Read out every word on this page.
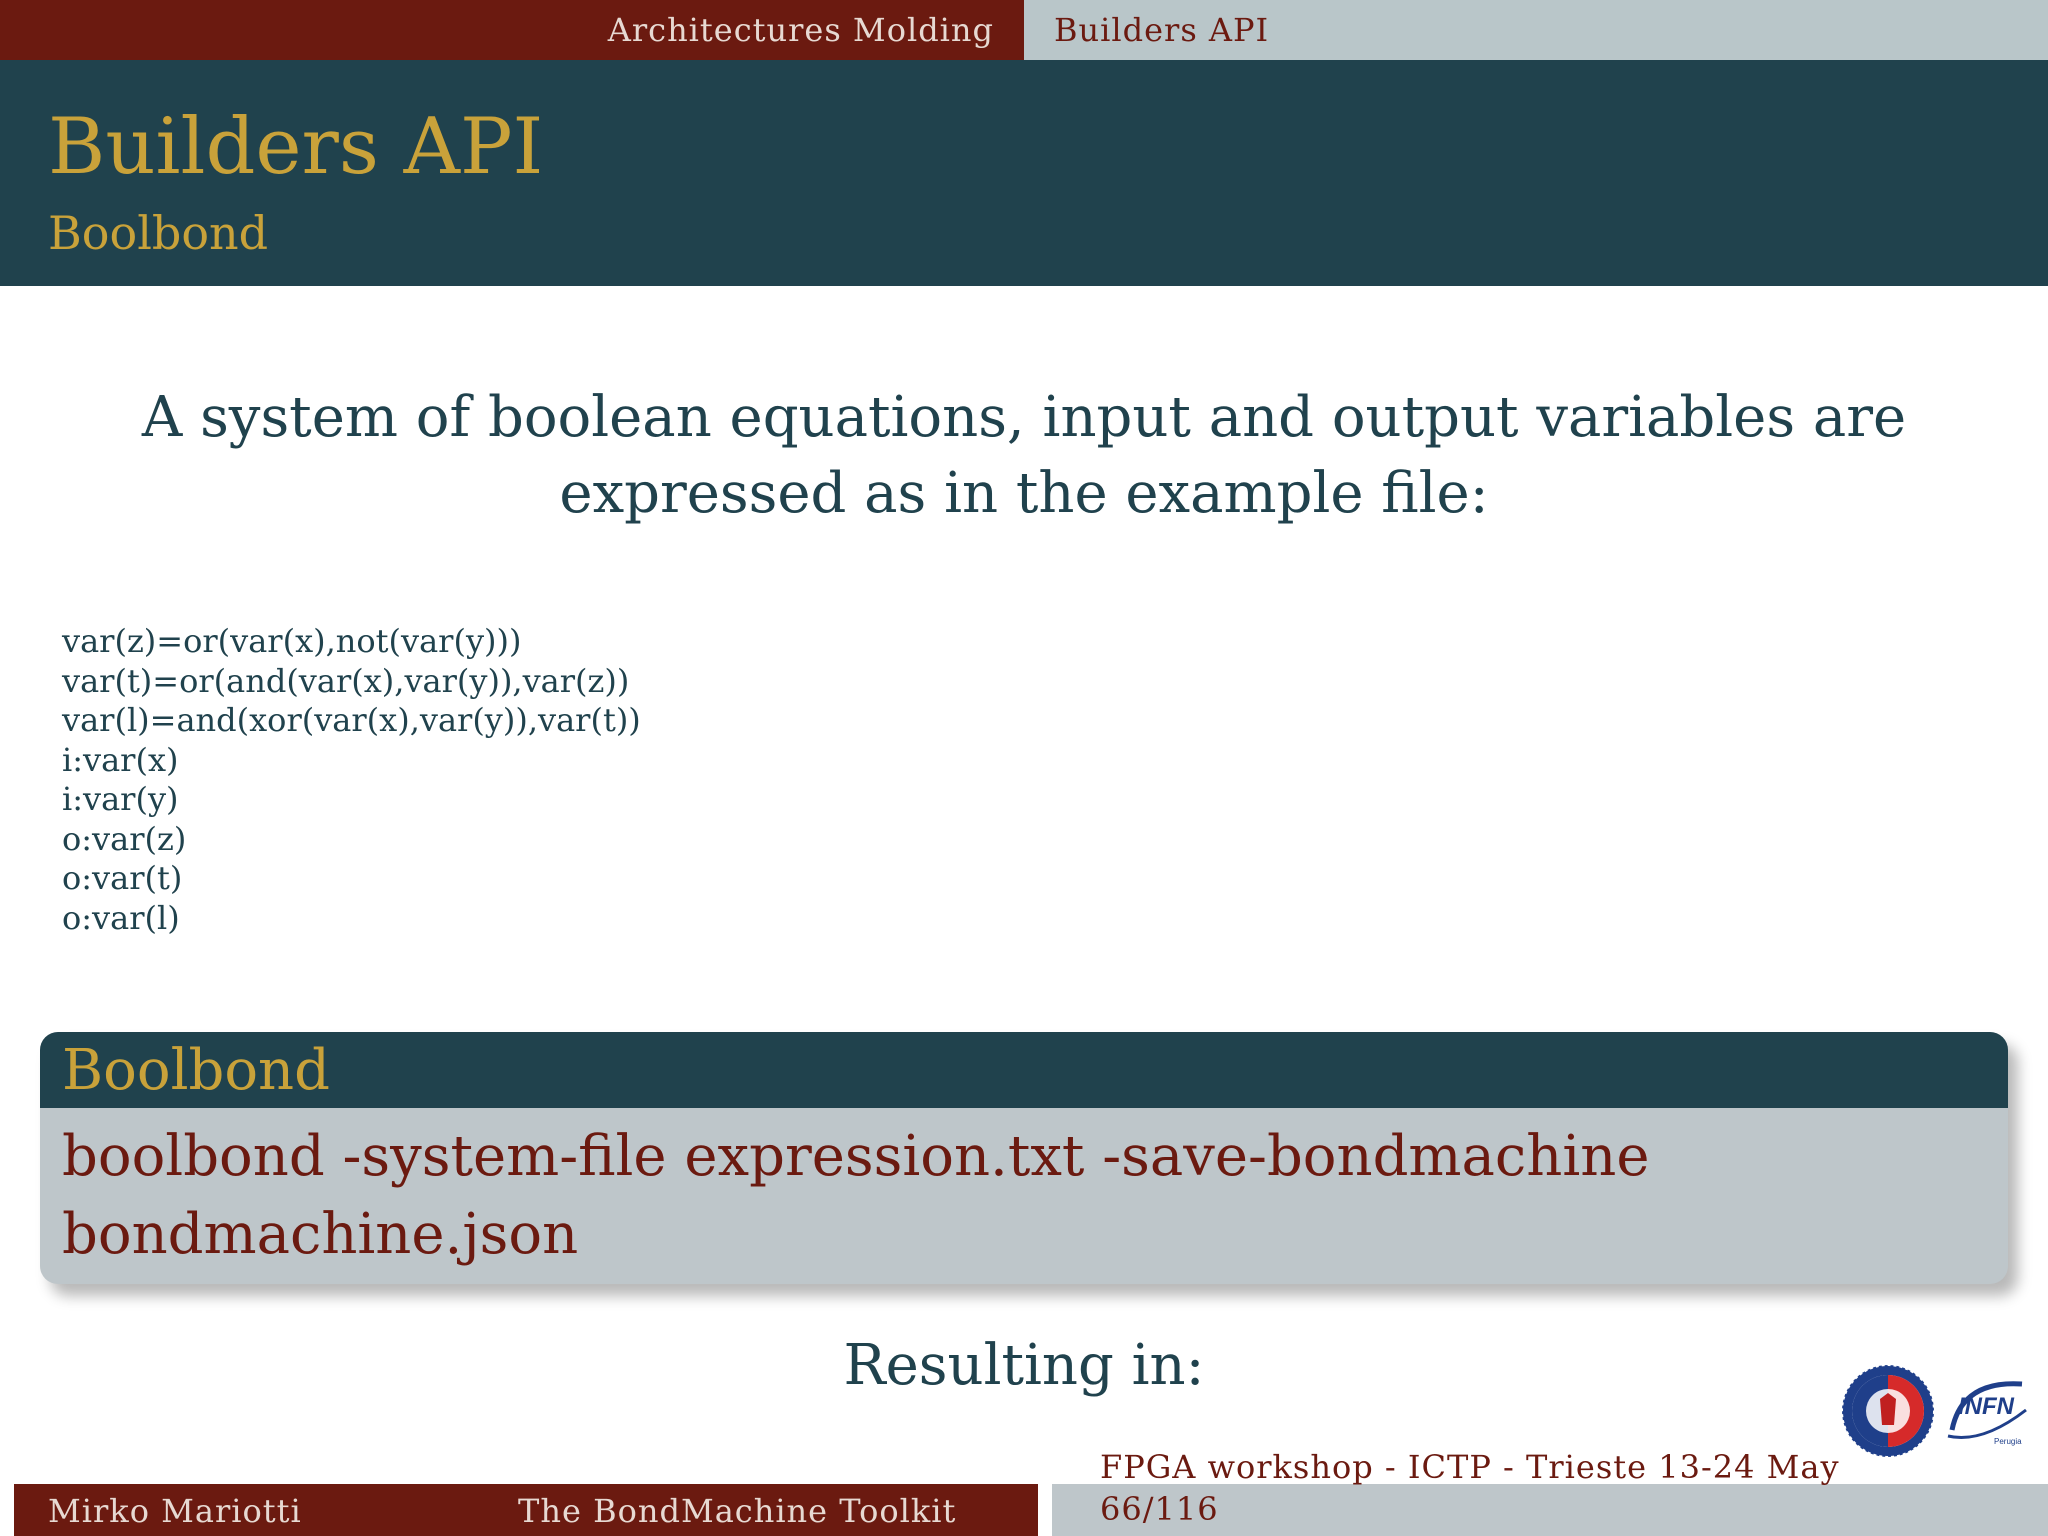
Architectures Molding Builders API
Builders API
Boolbond
A system of boolean equations, input and output variables are expressed as in the example file:
var(z)=or(var(x),not(var(y)))
var(t)=or(and(var(x),var(y)),var(z))
var(l)=and(xor(var(x),var(y)),var(t))
i:var(x)
i:var(y)
o:var(z)
o:var(t)
o:var(l)
Boolbond
boolbond -system-file expression.txt -save-bondmachine
bondmachine.json
Resulting in:
INFN
Perugia
Mirko Mariotti	The BondMachine Toolkit
FPGA workshop - ICTP - Trieste 13-24 May
66/116
